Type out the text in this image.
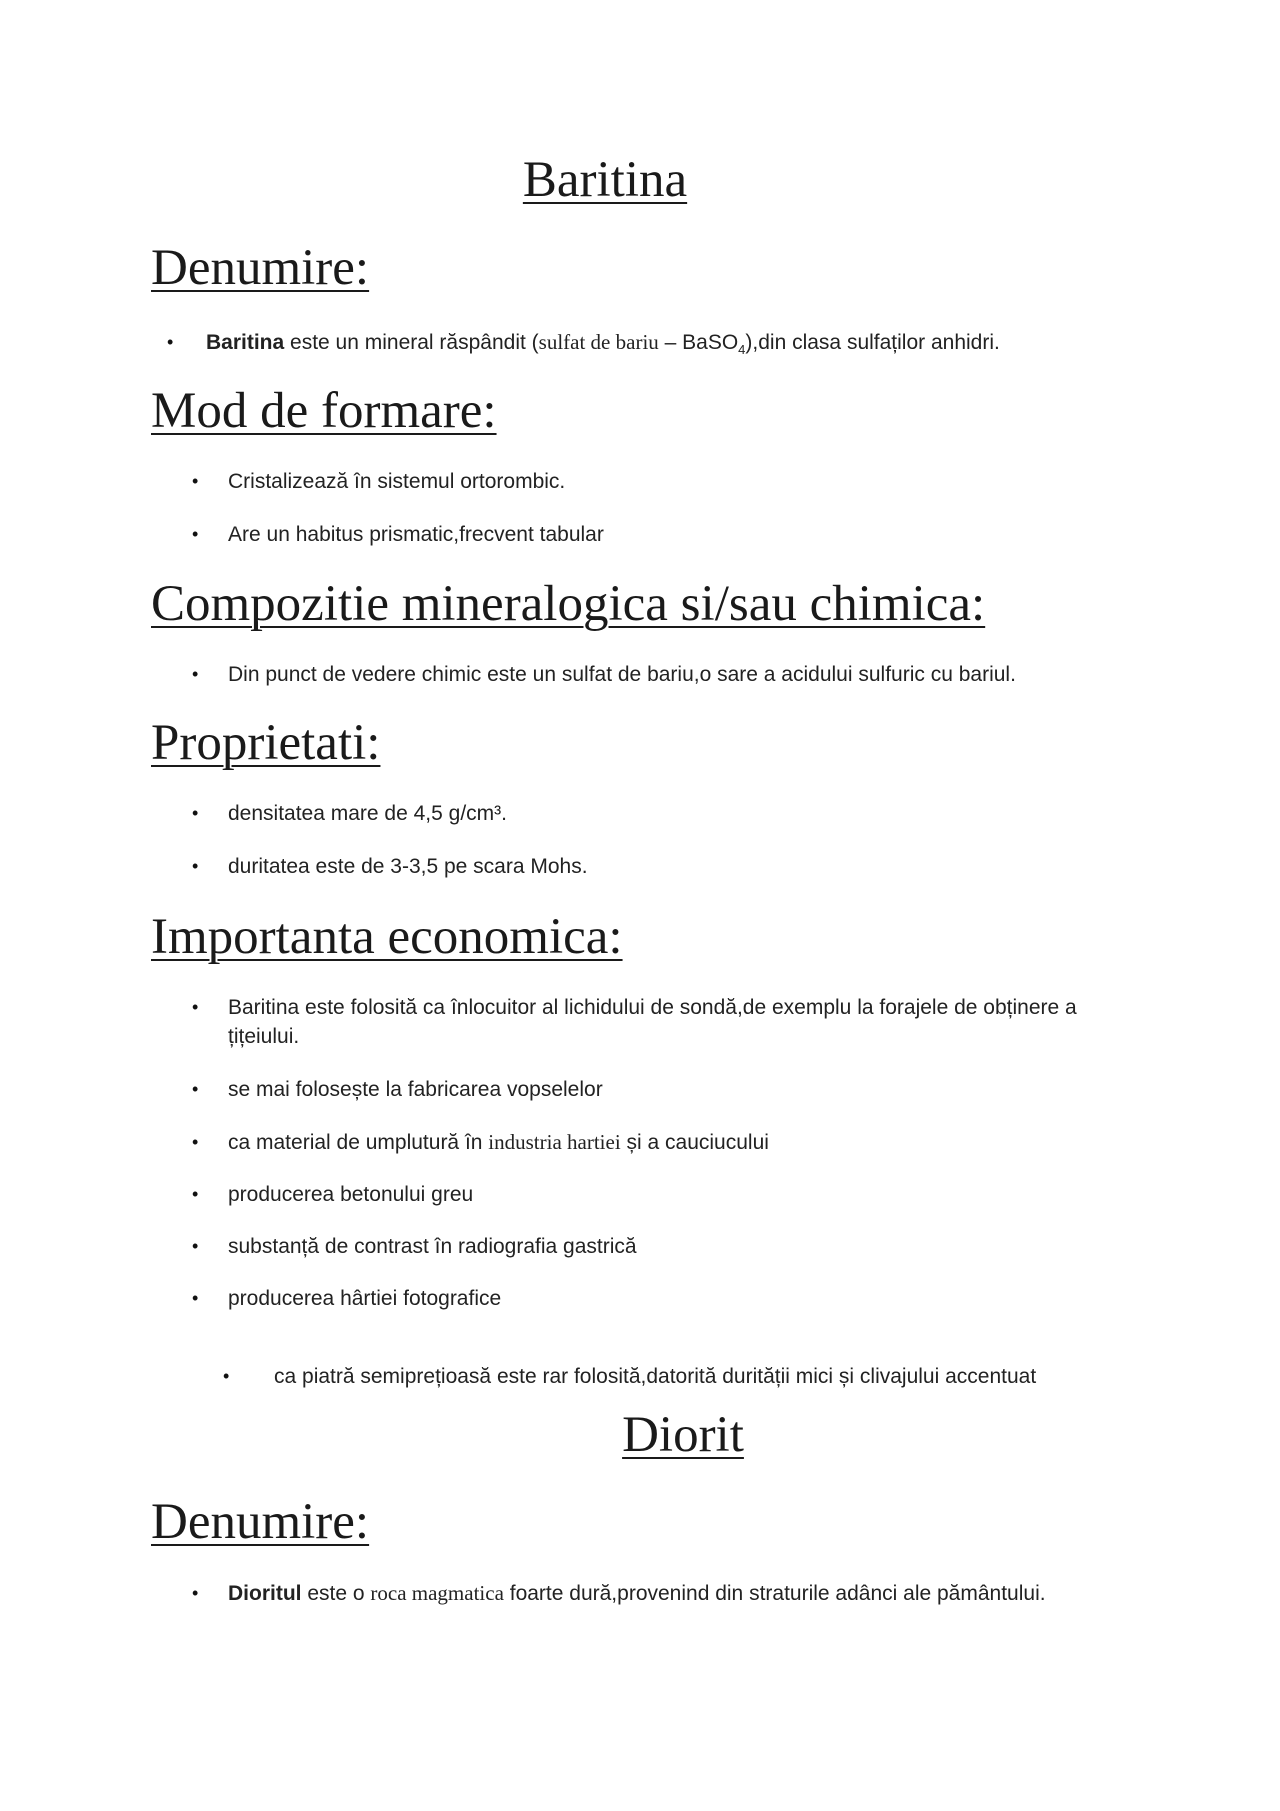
Baritina
Denumire:
• Baritina este un mineral răspândit (sulfat de bariu – BaSO$_4$),din clasa sulfaților anhidri.
Mod de formare:
• Cristalizează în sistemul ortorombic.
• Are un habitus prismatic,frecvent tabular
Compozitie mineralogica si/sau chimica:
• Din punct de vedere chimic este un sulfat de bariu,o sare a acidului sulfuric cu bariul.
Proprietati:
• densitatea mare de 4,5 g/cm³.
• duritatea este de 3-3,5 pe scara Mohs.
Importanta economica:
• Baritina este folosită ca înlocuitor al lichidului de sondă,de exemplu la forajele de obținere a țițeiului.
• se mai folosește la fabricarea vopselelor
• ca material de umplutură în industria hartiei și a cauciucului
• producerea betonului greu
• substanță de contrast în radiografia gastrică
• producerea hârtiei fotografice
• ca piatră semiprețioasă este rar folosită,datorită durității mici și clivajului accentuat
Diorit
Denumire:
• Dioritul este o roca magmatica foarte dură,provenind din straturile adânci ale pământului.
